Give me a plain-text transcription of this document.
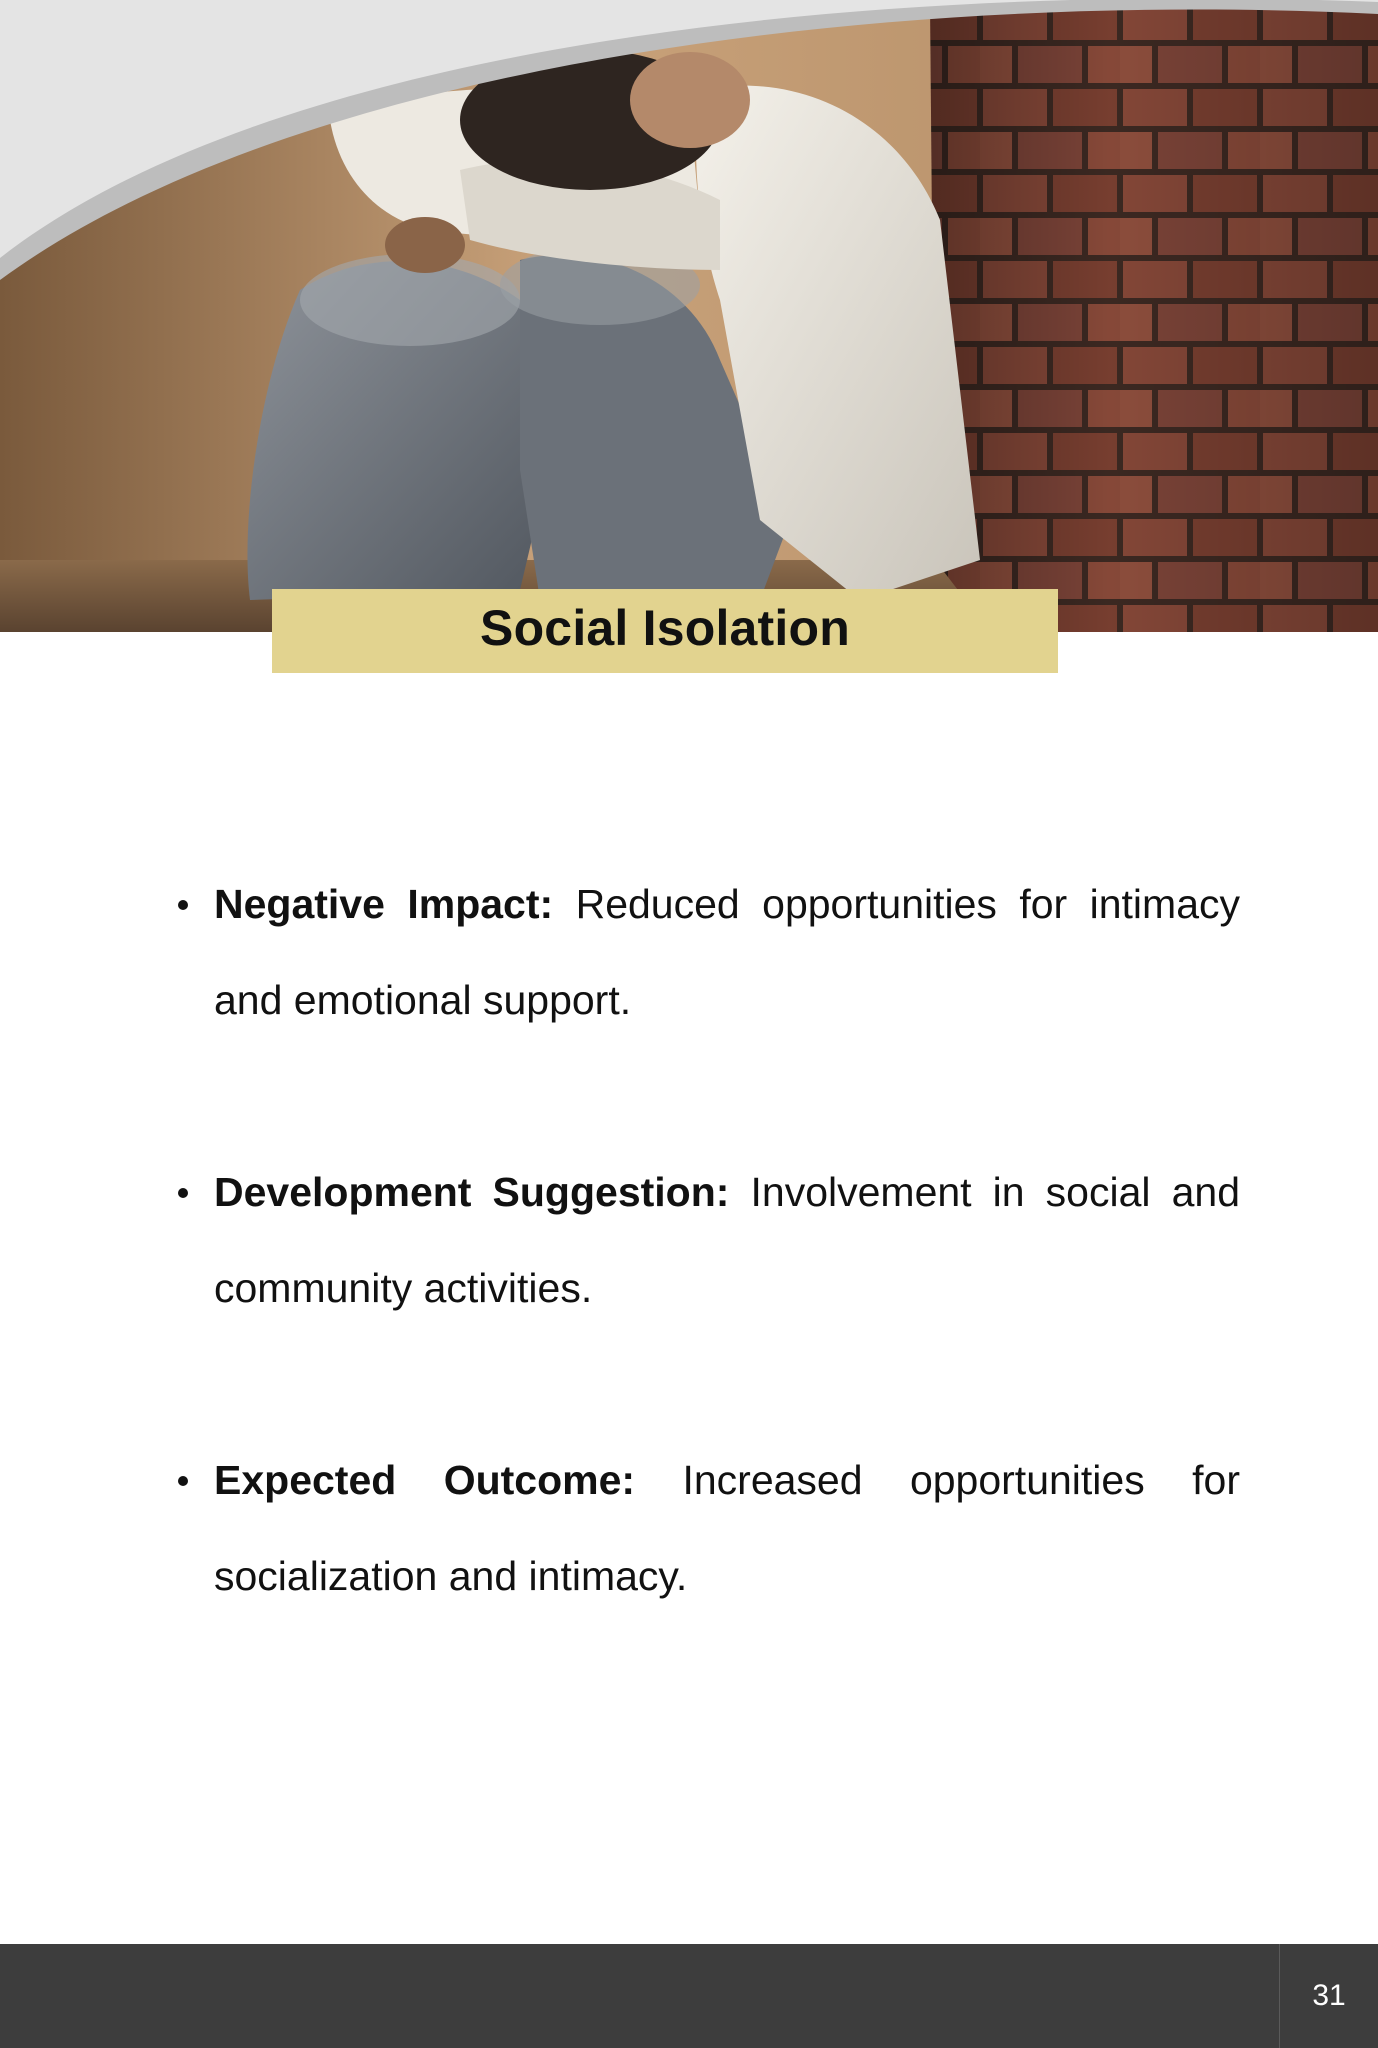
Social Isolation
Negative Impact: Reduced opportunities for intimacy and emotional support.
Development Suggestion: Involvement in social and community activities.
Expected Outcome: Increased opportunities for socialization and intimacy.
31
